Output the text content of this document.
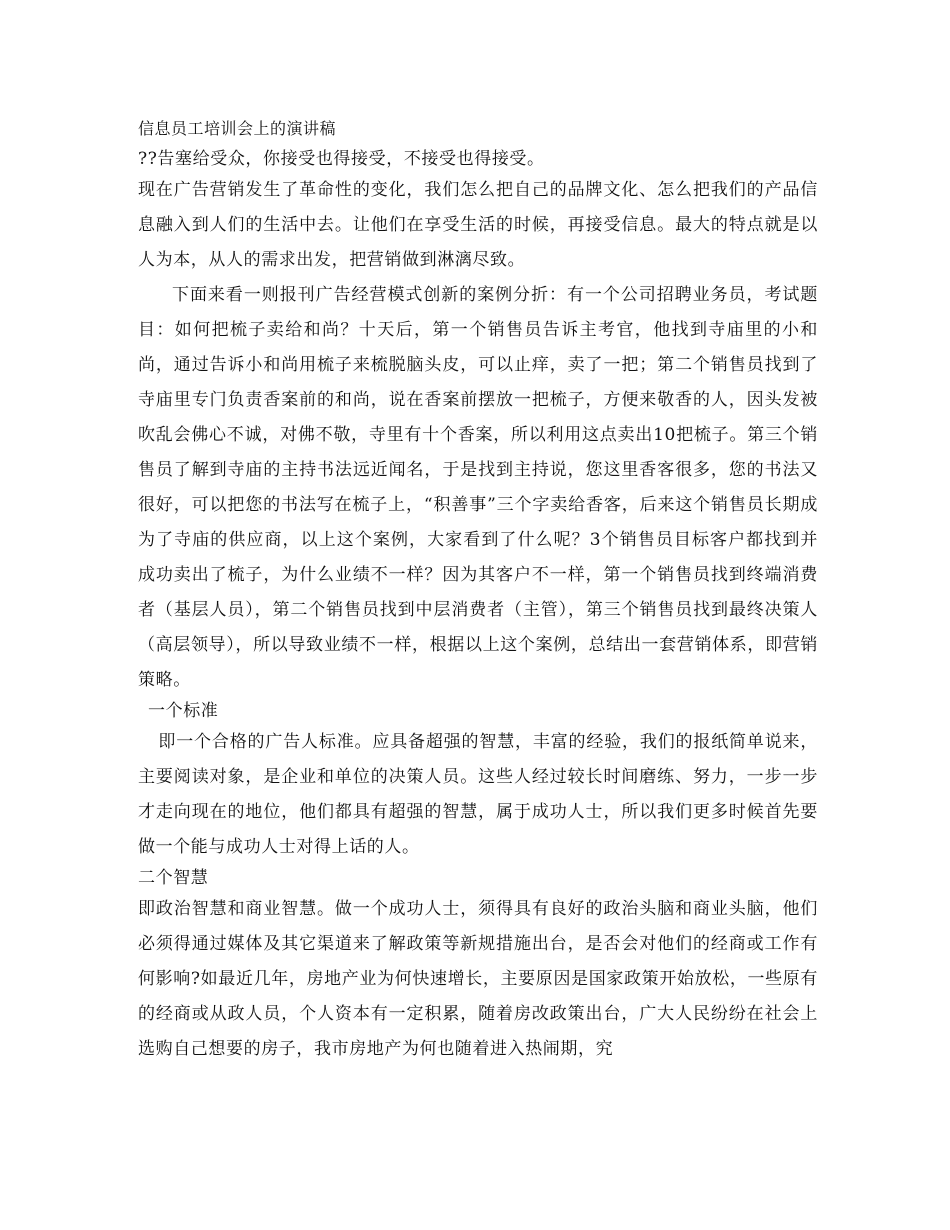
信息员工培训会上的演讲稿

??告塞给受众，你接受也得接受，不接受也得接受。

现在广告营销发生了革命性的变化，我们怎么把自己的品牌文化、怎么把我们的产品信息融入到人们的生活中去。让他们在享受生活的时候，再接受信息。最大的特点就是以人为本，从人的需求出发，把营销做到淋漓尽致。

下面来看一则报刊广告经营模式创新的案例分折：有一个公司招聘业务员，考试题目：如何把梳子卖给和尚？十天后，第一个销售员告诉主考官，他找到寺庙里的小和尚，通过告诉小和尚用梳子来梳脱脑头皮，可以止痒，卖了一把；第二个销售员找到了寺庙里专门负责香案前的和尚，说在香案前摆放一把梳子，方便来敬香的人，因头发被吹乱会佛心不诚，对佛不敬，寺里有十个香案，所以利用这点卖出10把梳子。第三个销售员了解到寺庙的主持书法远近闻名，于是找到主持说，您这里香客很多，您的书法又很好，可以把您的书法写在梳子上，“积善事”三个字卖给香客，后来这个销售员长期成为了寺庙的供应商，以上这个案例，大家看到了什么呢？3个销售员目标客户都找到并成功卖出了梳子，为什么业绩不一样？因为其客户不一样，第一个销售员找到终端消费者（基层人员），第二个销售员找到中层消费者（主管），第三个销售员找到最终决策人（高层领导），所以导致业绩不一样，根据以上这个案例，总结出一套营销体系，即营销策略。

一个标准

即一个合格的广告人标准。应具备超强的智慧，丰富的经验，我们的报纸简单说来，主要阅读对象，是企业和单位的决策人员。这些人经过较长时间磨练、努力，一步一步才走向现在的地位，他们都具有超强的智慧，属于成功人士，所以我们更多时候首先要做一个能与成功人士对得上话的人。

二个智慧

即政治智慧和商业智慧。做一个成功人士，须得具有良好的政治头脑和商业头脑，他们必须得通过媒体及其它渠道来了解政策等新规措施出台，是否会对他们的经商或工作有何影响?如最近几年，房地产业为何快速增长，主要原因是国家政策开始放松，一些原有的经商或从政人员，个人资本有一定积累，随着房改政策出台，广大人民纷纷在社会上选购自己想要的房子，我市房地产为何也随着进入热闹期，究
